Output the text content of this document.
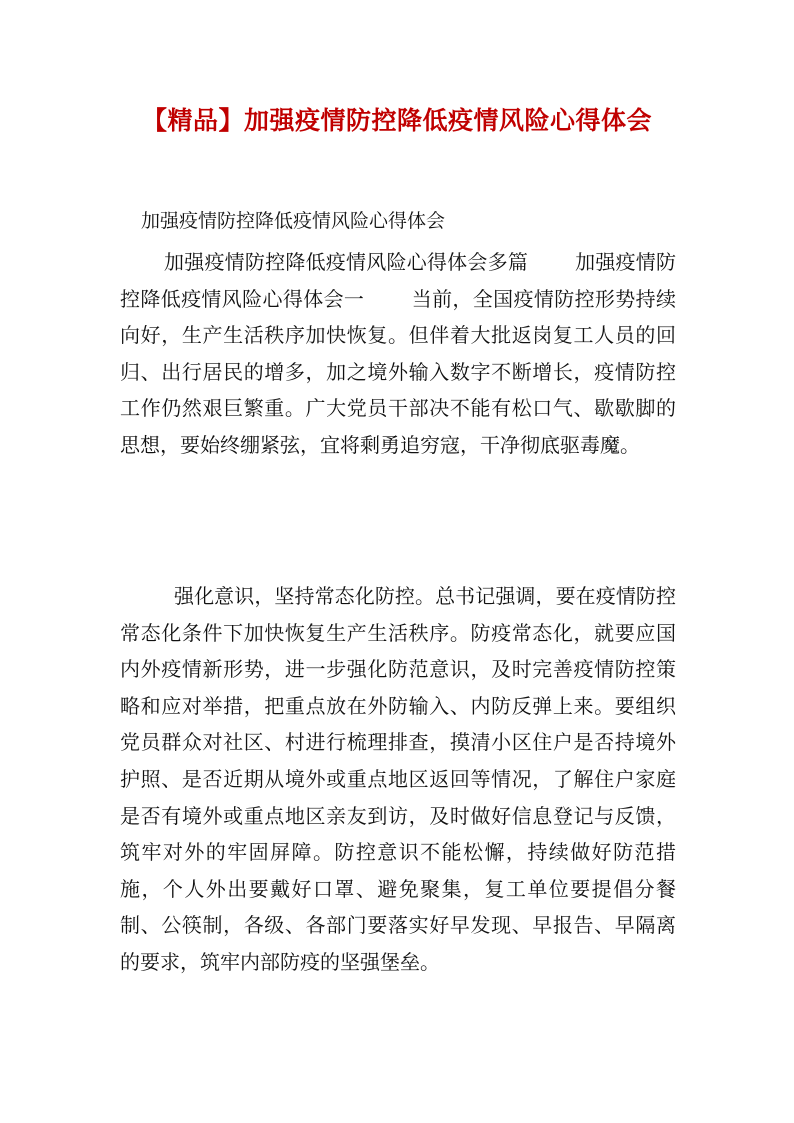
【精品】加强疫情防控降低疫情风险心得体会

加强疫情防控降低疫情风险心得体会

加强疫情防控降低疫情风险心得体会多篇　　 加强疫情防控降低疫情风险心得体会一　　 当前，全国疫情防控形势持续向好，生产生活秩序加快恢复。但伴着大批返岗复工人员的回归、出行居民的增多，加之境外输入数字不断增长，疫情防控工作仍然艰巨繁重。广大党员干部决不能有松口气、歇歇脚的思想，要始终绷紧弦，宜将剩勇追穷寇，干净彻底驱毒魔。

强化意识，坚持常态化防控。总书记强调，要在疫情防控常态化条件下加快恢复生产生活秩序。防疫常态化，就要应国内外疫情新形势，进一步强化防范意识，及时完善疫情防控策略和应对举措，把重点放在外防输入、内防反弹上来。要组织党员群众对社区、村进行梳理排查，摸清小区住户是否持境外护照、是否近期从境外或重点地区返回等情况，了解住户家庭是否有境外或重点地区亲友到访，及时做好信息登记与反馈，筑牢对外的牢固屏障。防控意识不能松懈，持续做好防范措施，个人外出要戴好口罩、避免聚集，复工单位要提倡分餐制、公筷制，各级、各部门要落实好早发现、早报告、早隔离的要求，筑牢内部防疫的坚强堡垒。
